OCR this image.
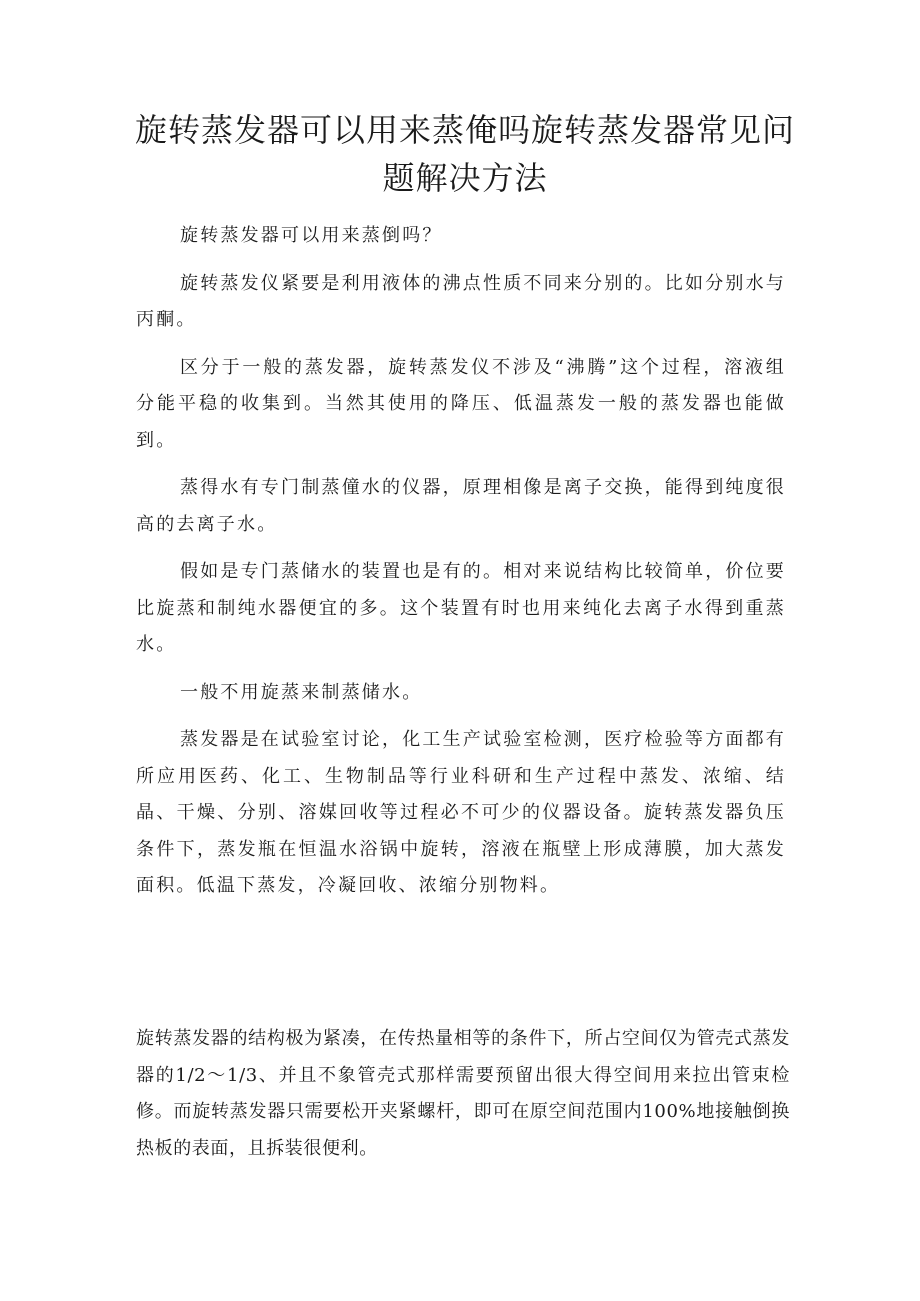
旋转蒸发器可以用来蒸俺吗旋转蒸发器常见问题解决方法

旋转蒸发器可以用来蒸倒吗？

旋转蒸发仪紧要是利用液体的沸点性质不同来分别的。比如分别水与丙酮。

区分于一般的蒸发器，旋转蒸发仪不涉及“沸腾”这个过程，溶液组分能平稳的收集到。当然其使用的降压、低温蒸发一般的蒸发器也能做到。

蒸得水有专门制蒸僮水的仪器，原理相像是离子交换，能得到纯度很高的去离子水。

假如是专门蒸储水的装置也是有的。相对来说结构比较简单，价位要比旋蒸和制纯水器便宜的多。这个装置有时也用来纯化去离子水得到重蒸水。

一般不用旋蒸来制蒸储水。

蒸发器是在试验室讨论，化工生产试验室检测，医疗检验等方面都有所应用医药、化工、生物制品等行业科研和生产过程中蒸发、浓缩、结晶、干燥、分别、溶媒回收等过程必不可少的仪器设备。旋转蒸发器负压条件下，蒸发瓶在恒温水浴锅中旋转，溶液在瓶壁上形成薄膜，加大蒸发面积。低温下蒸发，冷凝回收、浓缩分别物料。

旋转蒸发器的结构极为紧凑，在传热量相等的条件下，所占空间仅为管壳式蒸发器的1/2～1/3、并且不象管壳式那样需要预留出很大得空间用来拉出管束检修。而旋转蒸发器只需要松开夹紧螺杆，即可在原空间范围内100%地接触倒换热板的表面，且拆装很便利。
